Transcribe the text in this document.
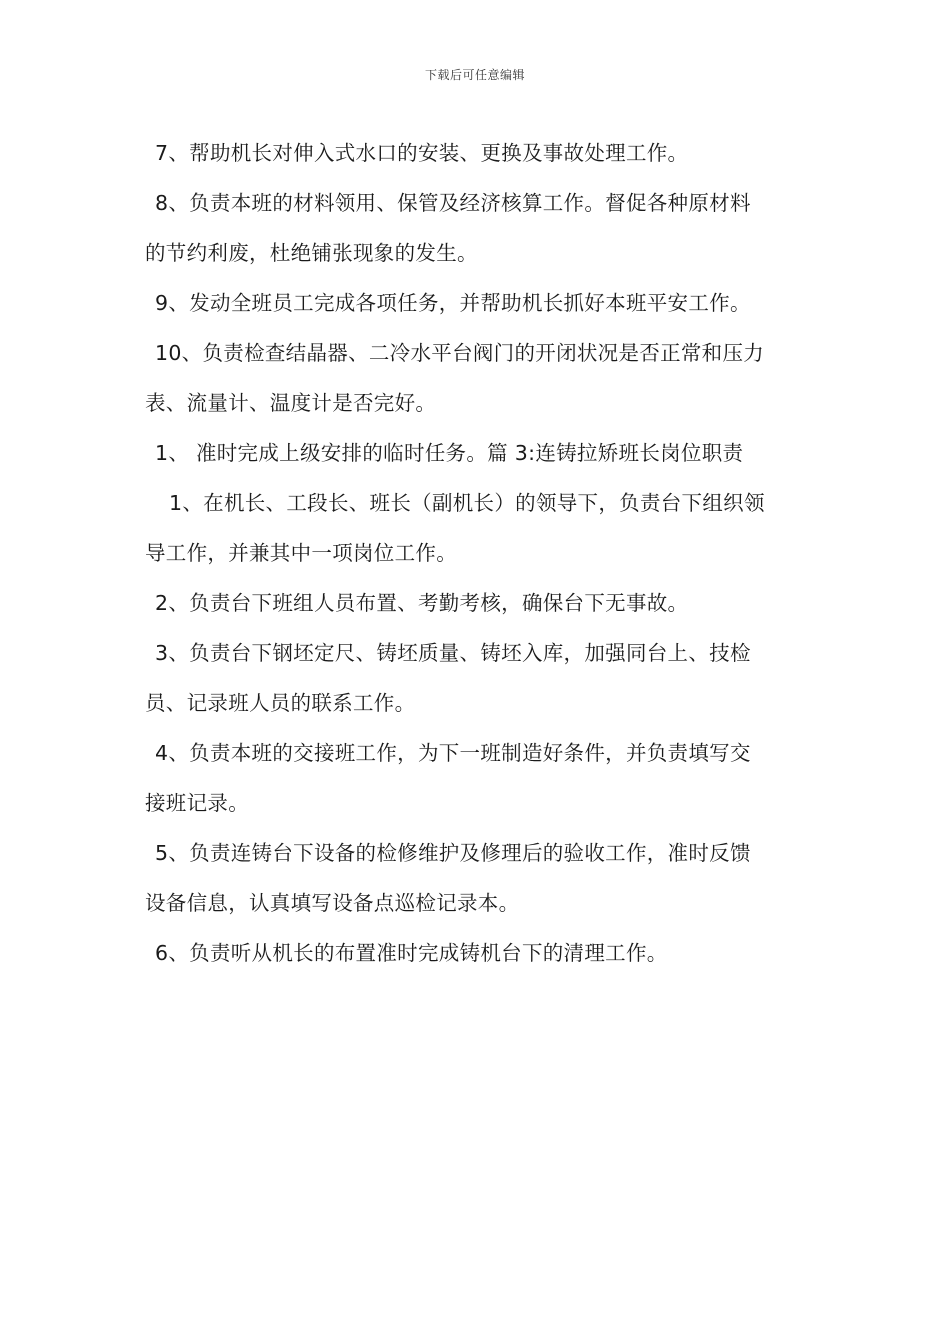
下载后可任意编辑

7、帮助机长对伸入式水口的安装、更换及事故处理工作。

8、负责本班的材料领用、保管及经济核算工作。督促各种原材料

的节约利废，杜绝铺张现象的发生。

9、发动全班员工完成各项任务，并帮助机长抓好本班平安工作。

10、负责检查结晶器、二冷水平台阀门的开闭状况是否正常和压力

表、流量计、温度计是否完好。

1、 准时完成上级安排的临时任务。篇 3:连铸拉矫班长岗位职责

1、在机长、工段长、班长（副机长）的领导下，负责台下组织领

导工作，并兼其中一项岗位工作。

2、负责台下班组人员布置、考勤考核，确保台下无事故。

3、负责台下钢坯定尺、铸坯质量、铸坯入库，加强同台上、技检

员、记录班人员的联系工作。

4、负责本班的交接班工作，为下一班制造好条件，并负责填写交

接班记录。

5、负责连铸台下设备的检修维护及修理后的验收工作，准时反馈

设备信息，认真填写设备点巡检记录本。

6、负责听从机长的布置准时完成铸机台下的清理工作。
